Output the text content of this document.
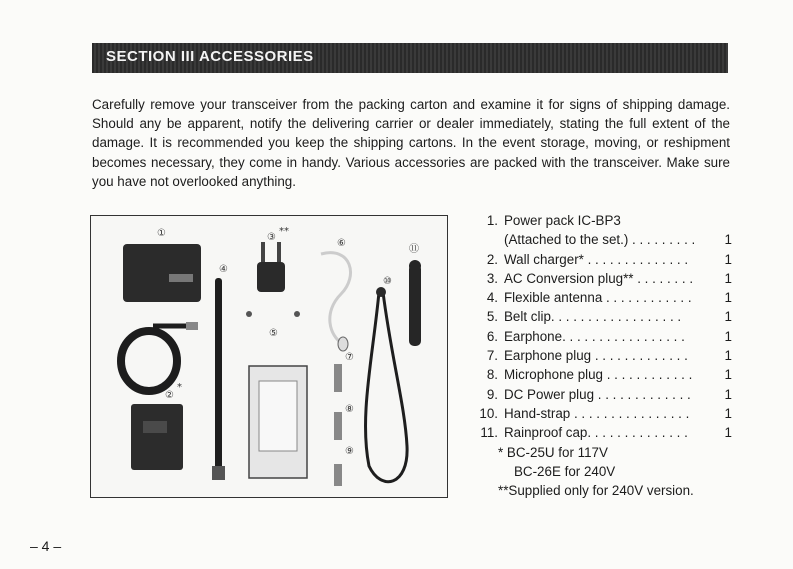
SECTION III ACCESSORIES

Carefully remove your transceiver from the packing carton and examine it for signs of shipping damage. Should any be apparent, notify the delivering carrier or dealer immediately, stating the full extent of the damage. It is recommended you keep the shipping cartons. In the event storage, moving, or reshipment becomes necessary, they come in handy. Various accessories are packed with the transceiver. Make sure you have not overlooked anything.

①
②
*
③
**
④
⑤
⑥
⑦
⑧
⑨
⑩
⑪
1. Power pack IC-BP3
(Attached to the set.) . . . . . . . . .	1
2. Wall charger* . . . . . . . . . . . . . .	1
3. AC Conversion plug** . . . . . . . .	1
4. Flexible antenna . . . . . . . . . . . .	1
5. Belt clip. . . . . . . . . . . . . . . . . .	1
6. Earphone. . . . . . . . . . . . . . . . .	1
7. Earphone plug . . . . . . . . . . . . .	1
8. Microphone plug . . . . . . . . . . . .	1
9. DC Power plug . . . . . . . . . . . . .	1
10. Hand-strap . . . . . . . . . . . . . . . .	1
11. Rainproof cap. . . . . . . . . . . . . .	1
* BC-25U for 117V
BC-26E for 240V
**Supplied only for 240V version.
– 4 –
